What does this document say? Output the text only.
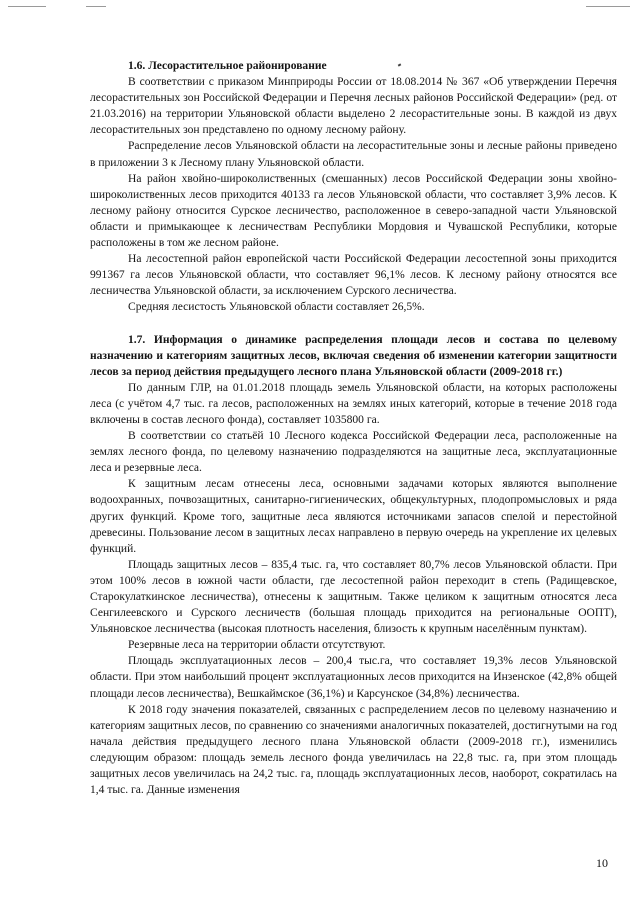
1.6. Лесорастительное районирование

В соответствии с приказом Минприроды России от 18.08.2014 № 367 «Об утверждении Перечня лесорастительных зон Российской Федерации и Перечня лесных районов Российской Федерации» (ред. от 21.03.2016) на территории Ульяновской области выделено 2 лесорастительные зоны. В каждой из двух лесорастительных зон представлено по одному лесному району.

Распределение лесов Ульяновской области на лесорастительные зоны и лесные районы приведено в приложении 3 к Лесному плану Ульяновской области.

На район хвойно-широколиственных (смешанных) лесов Российской Федерации зоны хвойно-широколиственных лесов приходится 40133 га лесов Ульяновской области, что составляет 3,9% лесов. К лесному району относится Сурское лесничество, расположенное в северо-западной части Ульяновской области и примыкающее к лесничествам Республики Мордовия и Чувашской Республики, которые расположены в том же лесном районе.

На лесостепной район европейской части Российской Федерации лесостепной зоны приходится 991367 га лесов Ульяновской области, что составляет 96,1% лесов. К лесному району относятся все лесничества Ульяновской области, за исключением Сурского лесничества.

Средняя лесистость Ульяновской области составляет 26,5%.

1.7. Информация о динамике распределения площади лесов и состава по целевому назначению и категориям защитных лесов, включая сведения об изменении категории защитности лесов за период действия предыдущего лесного плана Ульяновской области (2009-2018 гг.)

По данным ГЛР, на 01.01.2018 площадь земель Ульяновской области, на которых расположены леса (с учётом 4,7 тыс. га лесов, расположенных на землях иных категорий, которые в течение 2018 года включены в состав лесного фонда), составляет 1035800 га.

В соответствии со статьёй 10 Лесного кодекса Российской Федерации леса, расположенные на землях лесного фонда, по целевому назначению подразделяются на защитные леса, эксплуатационные леса и резервные леса.

К защитным лесам отнесены леса, основными задачами которых являются выполнение водоохранных, почвозащитных, санитарно-гигиенических, общекультурных, плодопромысловых и ряда других функций. Кроме того, защитные леса являются источниками запасов спелой и перестойной древесины. Пользование лесом в защитных лесах направлено в первую очередь на укрепление их целевых функций.

Площадь защитных лесов – 835,4 тыс. га, что составляет 80,7% лесов Ульяновской области. При этом 100% лесов в южной части области, где лесостепной район переходит в степь (Радищевское, Старокулаткинское лесничества), отнесены к защитным. Также целиком к защитным относятся леса Сенгилеевского и Сурского лесничеств (большая площадь приходится на региональные ООПТ), Ульяновское лесничества (высокая плотность населения, близость к крупным населённым пунктам).

Резервные леса на территории области отсутствуют.

Площадь эксплуатационных лесов – 200,4 тыс.га, что составляет 19,3% лесов Ульяновской области. При этом наибольший процент эксплуатационных лесов приходится на Инзенское (42,8% общей площади лесов лесничества), Вешкаймское (36,1%) и Карсунское (34,8%) лесничества.

К 2018 году значения показателей, связанных с распределением лесов по целевому назначению и категориям защитных лесов, по сравнению со значениями аналогичных показателей, достигнутыми на год начала действия предыдущего лесного плана Ульяновской области (2009-2018 гг.), изменились следующим образом: площадь земель лесного фонда увеличилась на 22,8 тыс. га, при этом площадь защитных лесов увеличилась на 24,2 тыс. га, площадь эксплуатационных лесов, наоборот, сократилась на 1,4 тыс. га. Данные изменения

10
